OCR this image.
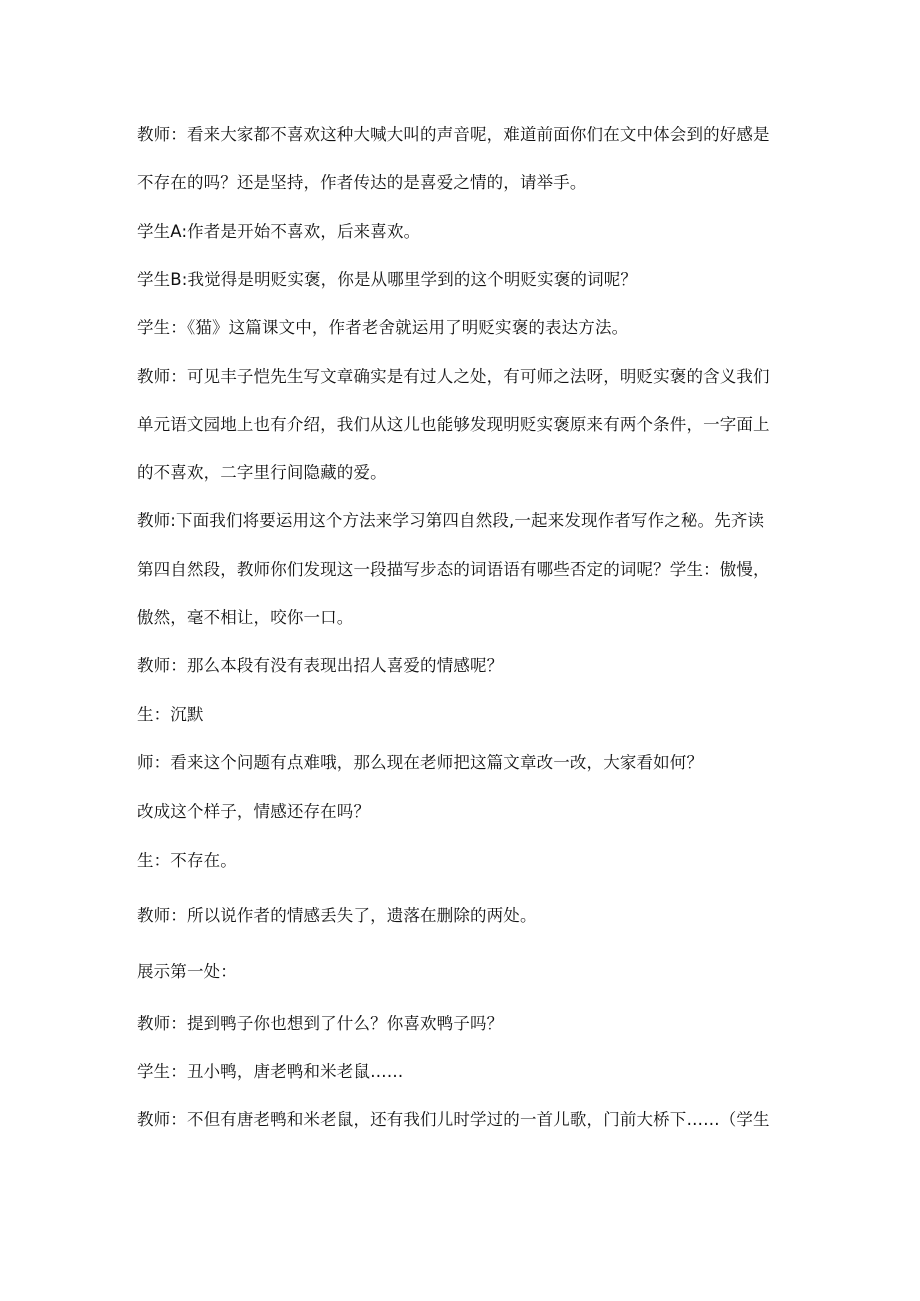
教师：看来大家都不喜欢这种大喊大叫的声音呢，难道前面你们在文中体会到的好感是
不存在的吗？还是坚持，作者传达的是喜爱之情的，请举手。
学生A:作者是开始不喜欢，后来喜欢。
学生B:我觉得是明贬实褒，你是从哪里学到的这个明贬实褒的词呢？
学生：《猫》这篇课文中，作者老舍就运用了明贬实褒的表达方法。
教师：可见丰子恺先生写文章确实是有过人之处，有可师之法呀，明贬实褒的含义我们
单元语文园地上也有介绍，我们从这儿也能够发现明贬实褒原来有两个条件，一字面上
的不喜欢，二字里行间隐藏的爱。
教师:下面我们将要运用这个方法来学习第四自然段,一起来发现作者写作之秘。先齐读
第四自然段，教师你们发现这一段描写步态的词语语有哪些否定的词呢？学生：傲慢，
傲然，毫不相让，咬你一口。
教师：那么本段有没有表现出招人喜爱的情感呢？
生：沉默
师：看来这个问题有点难哦，那么现在老师把这篇文章改一改，大家看如何？
改成这个样子，情感还存在吗？
生：不存在。
教师：所以说作者的情感丢失了，遗落在删除的两处。
展示第一处：
教师：提到鸭子你也想到了什么？你喜欢鸭子吗？
学生：丑小鸭，唐老鸭和米老鼠……
教师：不但有唐老鸭和米老鼠，还有我们儿时学过的一首儿歌，门前大桥下……（学生
